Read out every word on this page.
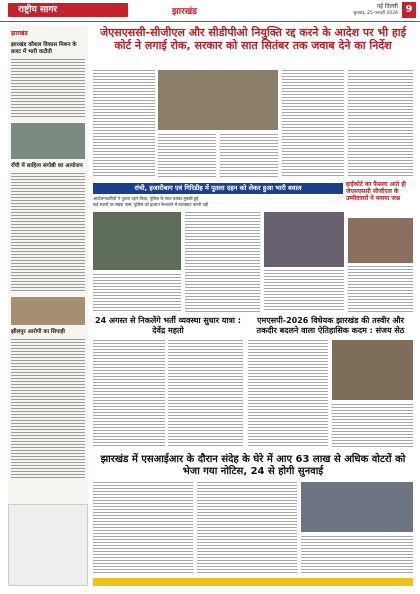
राष्ट्रीय सागर	झारखंड
नई दिल्ली
बुधवार, 25 फरवरी 2026 9
झारखंड
झारखंड कौशल विकास मिशन के बजट में भारी कटौती
राँची में साहित्य संगोष्ठी का आयोजन
झीलपुर आरोपी का सिपाही
जेएसएससी-सीजीएल और सीडीपीओ नियुक्ति रद्द करने के आदेश पर भी हाई कोर्ट ने लगाई रोक, सरकार को सात सितंबर तक जवाब देने का निर्देश
रांची, हजारीबाग एवं गिरिडीह में पुतला दहन को लेकर हुआ भारी बवाल	हाईकोर्ट का फैसला आते ही जेएसएससी सीजीएल के उम्मीदवारों ने मनाया जश्न
आंदोलनकारियों ने पुतला दहन किया, पुलिस के साथ धक्का-मुक्की हुई
कई स्थानों पर सड़क जाम, पुलिस को हालात संभालने में मशक्कत करनी पड़ी
24 अगस्त से निकलेंगे भर्ती व्यवस्था सुधार यात्रा : देवेंद्र महतो
एमएसपी-2026 विधेयक झारखंड की तस्वीर और तकदीर बदलने वाला ऐतिहासिक कदम : संजय सेठ
झारखंड में एसआईआर के दौरान संदेह के घेरे में आए 63 लाख से अधिक वोटरों को भेजा गया नोटिस, 24 से होगी सुनवाई
